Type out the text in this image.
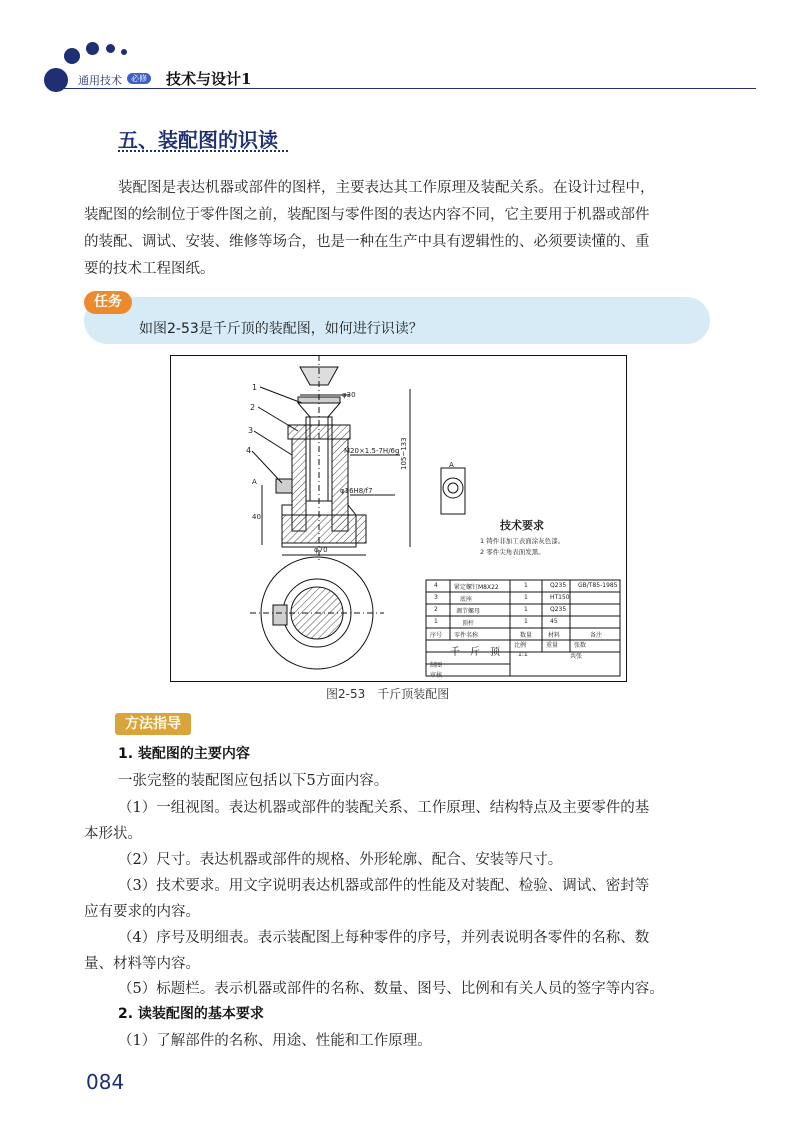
通用技术	必修 技术与设计1
五、装配图的识读
装配图是表达机器或部件的图样，主要表达其工作原理及装配关系。在设计过程中，
装配图的绘制位于零件图之前，装配图与零件图的表达内容不同，它主要用于机器或部件
的装配、调试、安装、维修等场合，也是一种在生产中具有逻辑性的、必须要读懂的、重
要的技术工程图纸。
任务
如图2-53是千斤顶的装配图，如何进行识读？
1
2
3
4
φ30
M20×1.5-7H/6g
φ16H8/f7
φ70
40
105~133
A
A
技术要求
1 铸件非加工表面涂灰色漆。
2 零件尖角表面发黑。
4	紧定螺钉M8X22	1	Q235 GB/T85-1985
3	底座	1	HT150
2	调节螺母	1	Q235
1	顶杆	1	45
序号 零件名称	数量	材料	备注
千　斤　顶
比例	重量	张数
1:1	共张
制图
审核
图2-53　千斤顶装配图
方法指导
1. 装配图的主要内容
一张完整的装配图应包括以下5方面内容。
（1）一组视图。表达机器或部件的装配关系、工作原理、结构特点及主要零件的基
本形状。
（2）尺寸。表达机器或部件的规格、外形轮廓、配合、安装等尺寸。
（3）技术要求。用文字说明表达机器或部件的性能及对装配、检验、调试、密封等
应有要求的内容。
（4）序号及明细表。表示装配图上每种零件的序号，并列表说明各零件的名称、数
量、材料等内容。
（5）标题栏。表示机器或部件的名称、数量、图号、比例和有关人员的签字等内容。
2. 读装配图的基本要求
（1）了解部件的名称、用途、性能和工作原理。
084
